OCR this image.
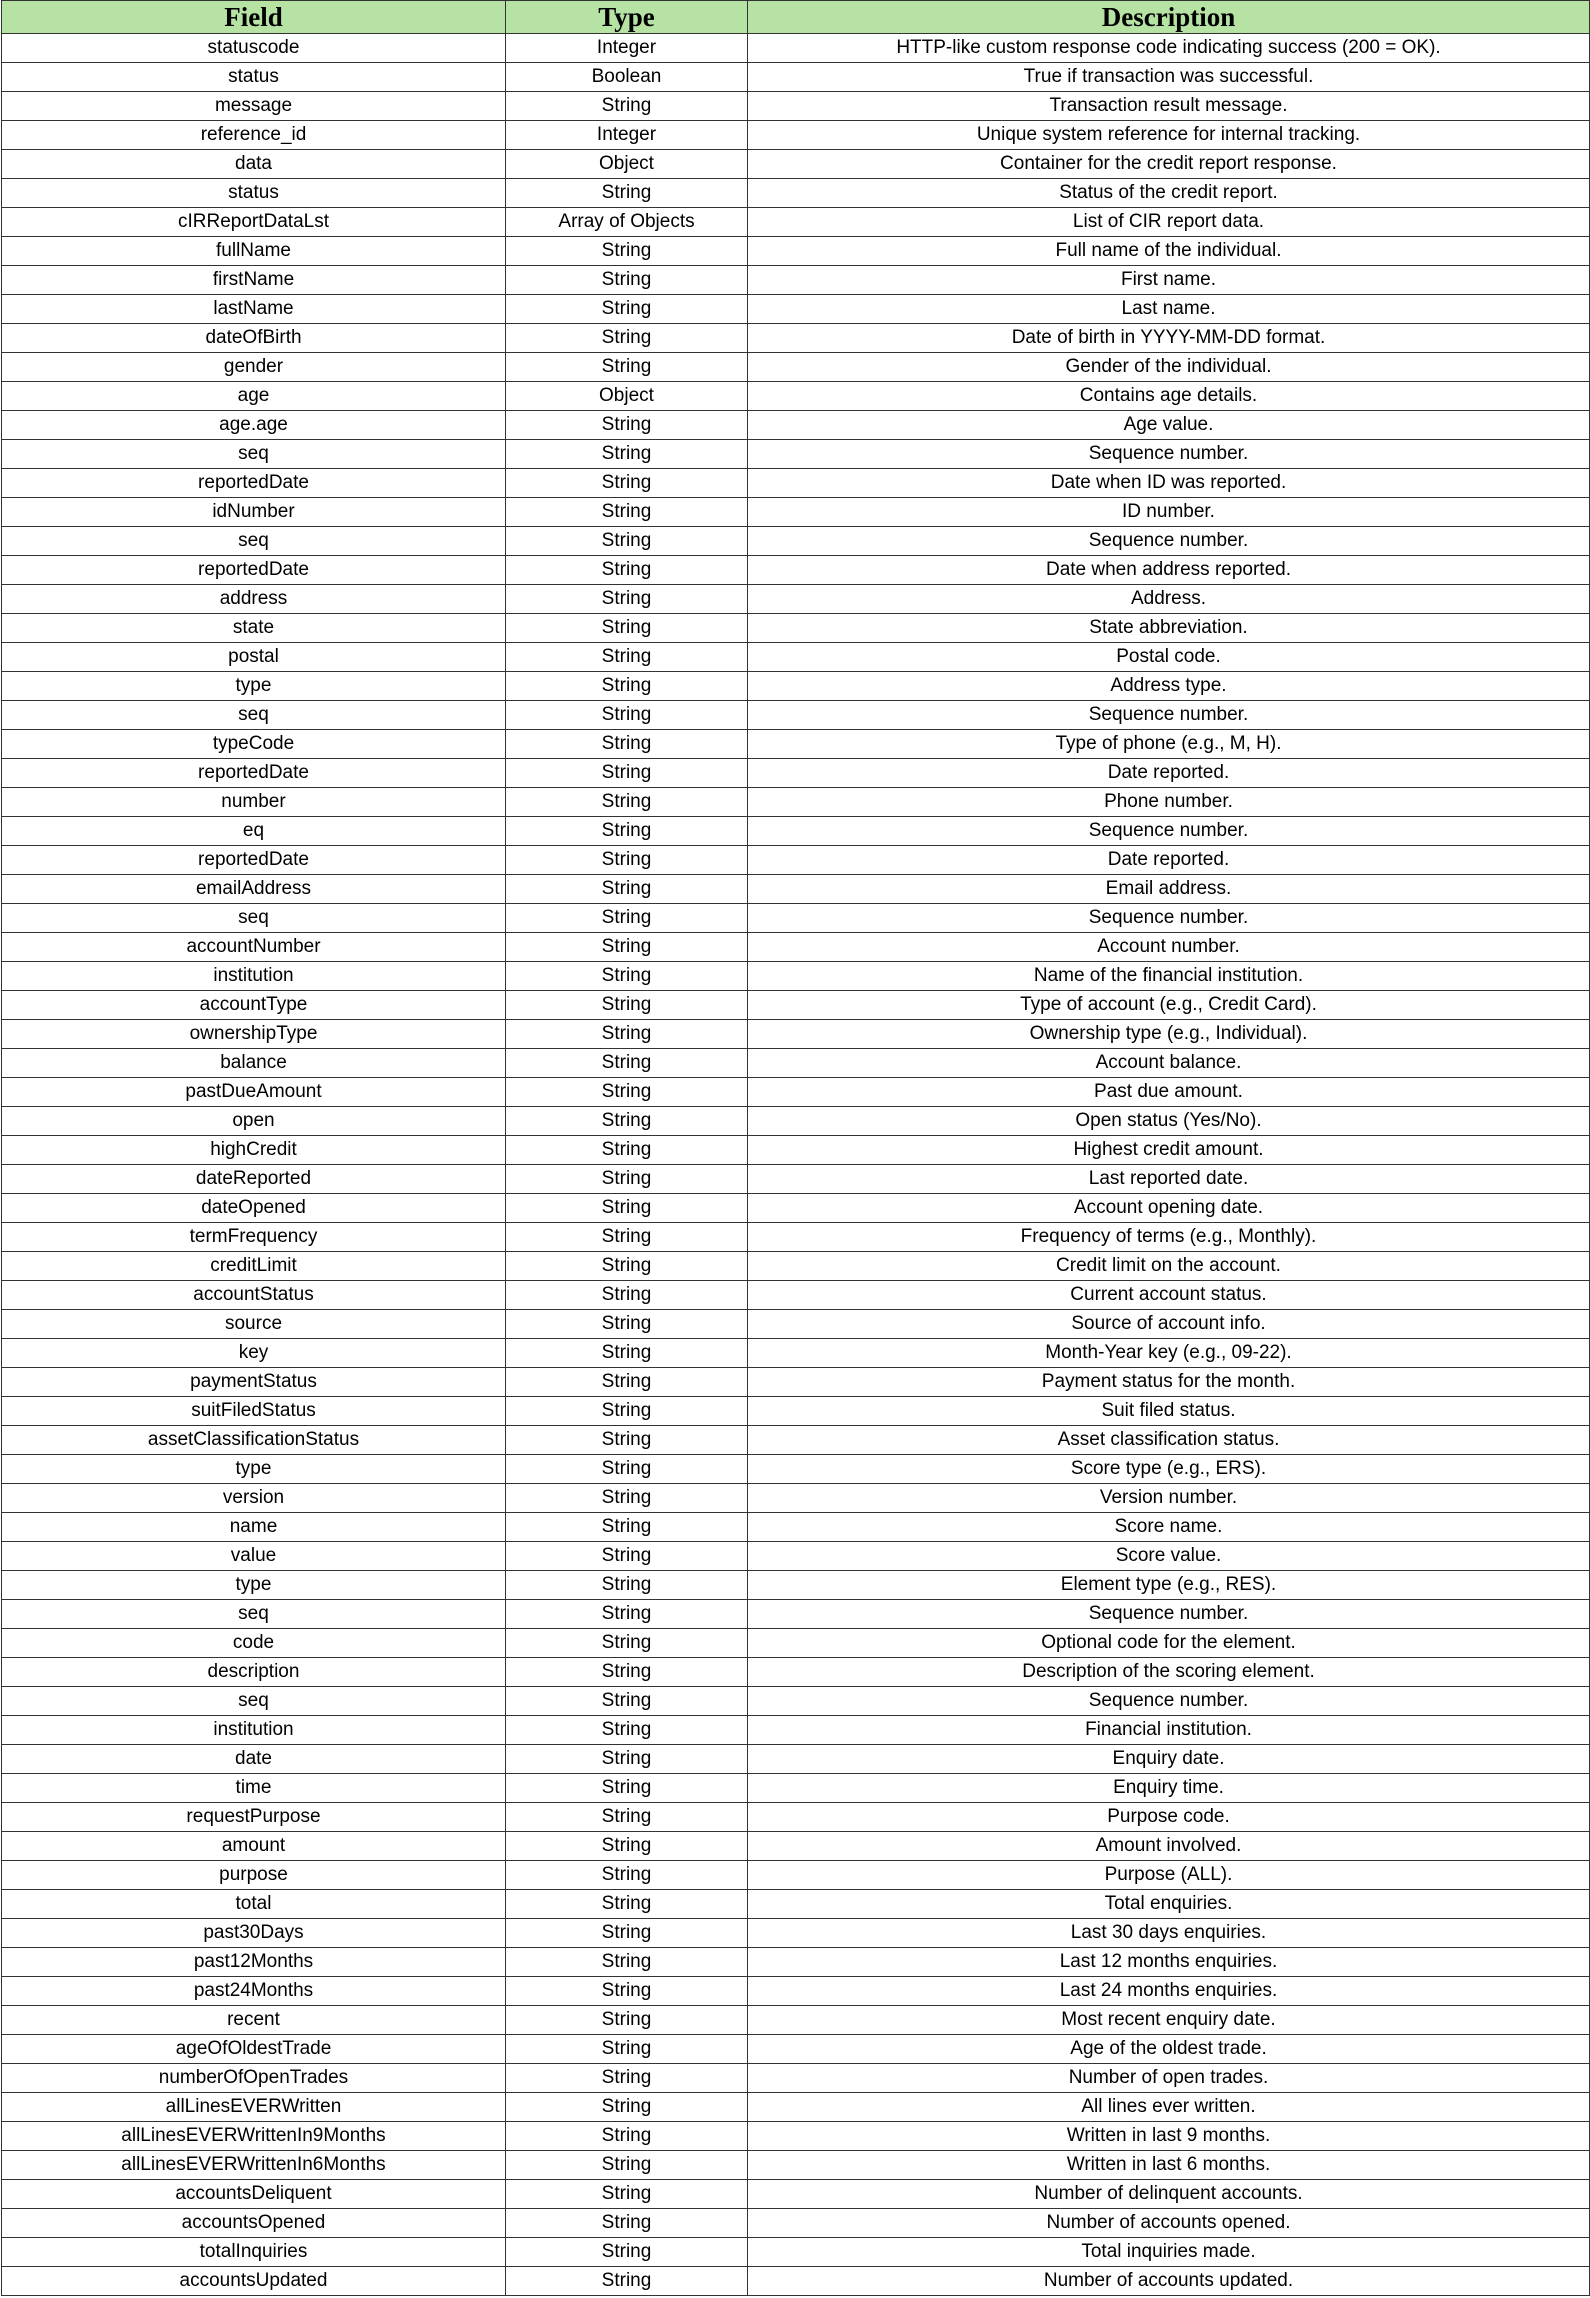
Field	Type	Description
statuscode	Integer	HTTP-like custom response code indicating success (200 = OK).
status	Boolean	True if transaction was successful.
message	String	Transaction result message.
reference_id	Integer	Unique system reference for internal tracking.
data	Object	Container for the credit report response.
status	String	Status of the credit report.
cIRReportDataLst	Array of Objects	List of CIR report data.
fullName	String	Full name of the individual.
firstName	String	First name.
lastName	String	Last name.
dateOfBirth	String	Date of birth in YYYY-MM-DD format.
gender	String	Gender of the individual.
age	Object	Contains age details.
age.age	String	Age value.
seq	String	Sequence number.
reportedDate	String	Date when ID was reported.
idNumber	String	ID number.
seq	String	Sequence number.
reportedDate	String	Date when address reported.
address	String	Address.
state	String	State abbreviation.
postal	String	Postal code.
type	String	Address type.
seq	String	Sequence number.
typeCode	String	Type of phone (e.g., M, H).
reportedDate	String	Date reported.
number	String	Phone number.
eq	String	Sequence number.
reportedDate	String	Date reported.
emailAddress	String	Email address.
seq	String	Sequence number.
accountNumber	String	Account number.
institution	String	Name of the financial institution.
accountType	String	Type of account (e.g., Credit Card).
ownershipType	String	Ownership type (e.g., Individual).
balance	String	Account balance.
pastDueAmount	String	Past due amount.
open	String	Open status (Yes/No).
highCredit	String	Highest credit amount.
dateReported	String	Last reported date.
dateOpened	String	Account opening date.
termFrequency	String	Frequency of terms (e.g., Monthly).
creditLimit	String	Credit limit on the account.
accountStatus	String	Current account status.
source	String	Source of account info.
key	String	Month-Year key (e.g., 09-22).
paymentStatus	String	Payment status for the month.
suitFiledStatus	String	Suit filed status.
assetClassificationStatus	String	Asset classification status.
type	String	Score type (e.g., ERS).
version	String	Version number.
name	String	Score name.
value	String	Score value.
type	String	Element type (e.g., RES).
seq	String	Sequence number.
code	String	Optional code for the element.
description	String	Description of the scoring element.
seq	String	Sequence number.
institution	String	Financial institution.
date	String	Enquiry date.
time	String	Enquiry time.
requestPurpose	String	Purpose code.
amount	String	Amount involved.
purpose	String	Purpose (ALL).
total	String	Total enquiries.
past30Days	String	Last 30 days enquiries.
past12Months	String	Last 12 months enquiries.
past24Months	String	Last 24 months enquiries.
recent	String	Most recent enquiry date.
ageOfOldestTrade	String	Age of the oldest trade.
numberOfOpenTrades	String	Number of open trades.
allLinesEVERWritten	String	All lines ever written.
allLinesEVERWrittenIn9Months	String	Written in last 9 months.
allLinesEVERWrittenIn6Months	String	Written in last 6 months.
accountsDeliquent	String	Number of delinquent accounts.
accountsOpened	String	Number of accounts opened.
totalInquiries	String	Total inquiries made.
accountsUpdated	String	Number of accounts updated.
